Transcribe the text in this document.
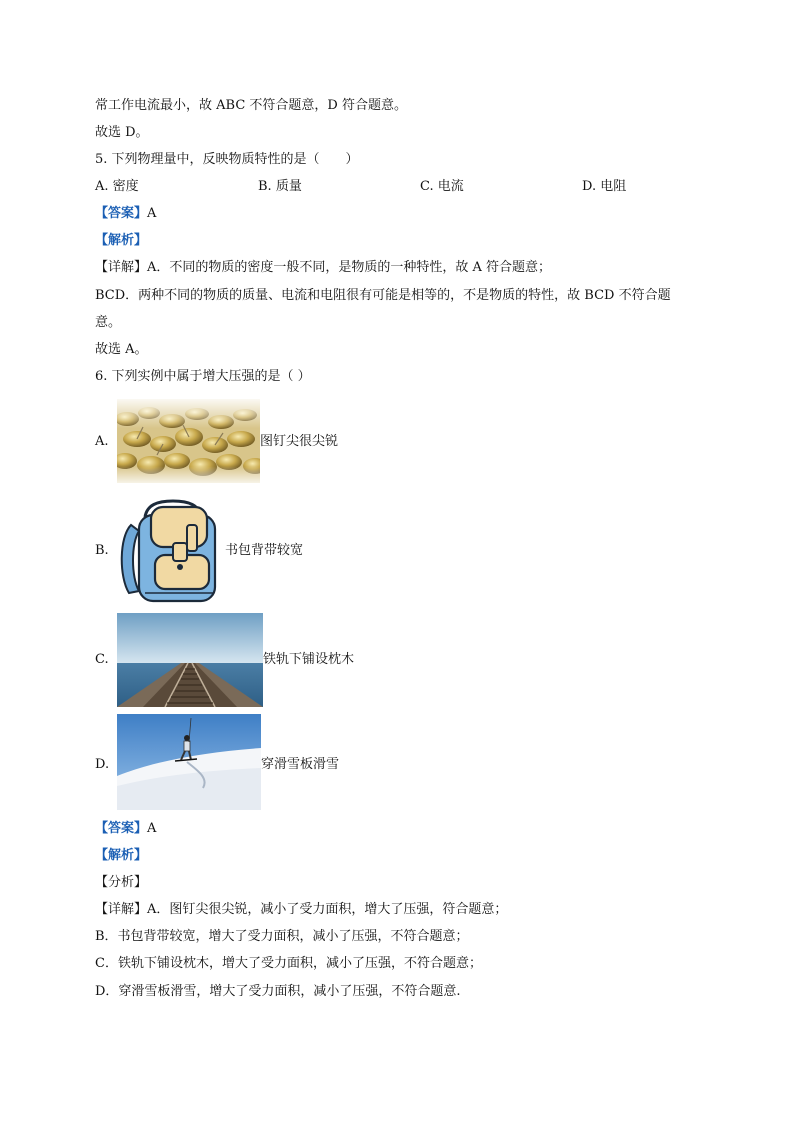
常工作电流最小，故 ABC 不符合题意，D 符合题意。
故选 D。
5. 下列物理量中，反映物质特性的是（　　）
A. 密度	B. 质量	C. 电流	D. 电阻
【答案】A
【解析】
【详解】A．不同的物质的密度一般不同，是物质的一种特性，故 A 符合题意；
BCD．两种不同的物质的质量、电流和电阻很有可能是相等的，不是物质的特性，故 BCD 不符合题
意。
故选 A。
6. 下列实例中属于增大压强的是（ ）
A.	图钉尖很尖锐
B.	书包背带较宽
C.	铁轨下铺设枕木
D.	穿滑雪板滑雪
【答案】A
【解析】
【分析】
【详解】A．图钉尖很尖锐，减小了受力面积，增大了压强，符合题意；
B．书包背带较宽，增大了受力面积，减小了压强，不符合题意；
C．铁轨下铺设枕木，增大了受力面积，减小了压强，不符合题意；
D．穿滑雪板滑雪，增大了受力面积，减小了压强，不符合题意.
